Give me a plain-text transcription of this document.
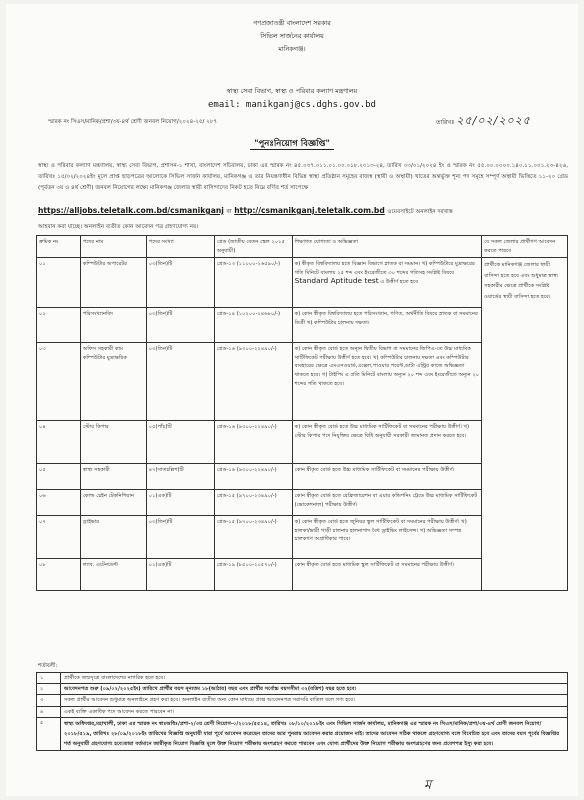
গণপ্রজাতন্ত্রী বাংলাদেশ সরকার
সিভিল সার্জনের কার্যালয়
মানিকগঞ্জ।
স্বাস্থ্য সেবা বিভাগ, স্বাস্থ্য ও পরিবার কল্যাণ মন্ত্রণালয়
email: manikganj@cs.dghs.gov.bd
স্মারক নং সিএস/মানিক/প্রশা/৩য়-৪র্থ শ্রেণী জনবল নিয়োগ/২০২৪-২৫/ ২৮৭	তারিখঃ ২৫/০২/২০২৫
"পুনঃনিয়োগ বিজ্ঞপ্তি"
স্বাস্থ্য ও পরিবার কল্যাণ মন্ত্রণালয়, স্বাস্থ্য সেবা বিভাগ, প্রশাসন-১ শাখা, বাংলাদেশ সচিবালয়, ঢাকা এর স্মারক নং ৪৫.০৩৭.০১১.০১.০০.০১৮.২০১৩-২৪, তারিখ ০৩/০১/২০২৪ ইং ও স্মারক নং ৫৫.০০.০০০০.১৪০.১১.০০১.২৩-৪২৬, তারিখঃ ১৫/০২/২০২৪ইং মূলে প্রাপ্ত ছাড়পত্রের আলোকে সিভিল সার্জন কার্যালয়, মানিকগঞ্জ ও তার নিয়ন্ত্রণাধীন বিভিন্ন স্বাস্থ্য প্রতিষ্ঠান সমূহের রাজস্ব (স্থায়ী ও অস্থায়ী) খাতের অন্তর্ভুক্ত শূন্য পদ সমূহে সম্পূর্ণ অস্থায়ী ভিত্তিতে ১১-২০ গ্রেড (পূর্বতন ৩য় ও ৪র্থ শ্রেণী) জনবল নিয়োগের লক্ষ্যে মানিকগঞ্জ জেলার স্থায়ী বাসিন্দাদের নিকট হতে নিম্নে বর্ণিত শর্ত সাপেক্ষে
https://alljobs.teletalk.com.bd/csmanikganj বা http://csmanikganj.teletalk.com.bd ওয়েবসাইটে অনলাইন দরখাস্ত
আহবান করা যাচ্ছে। অনলাইন ব্যতীত কোন আবেদন পত্র গ্রহণযোগ্য নয়।
ক্রমিক নং	পদের নাম	পদের সংখ্যা	গ্রেড (জাতীয় বেতন স্কেল ২০১৫ অনুযায়ী)	শিক্ষাগত যোগ্যতা ও অভিজ্ঞতা	যে সকল জেলার প্রার্থীগণ আবেদন করতে পারবে
০১	কম্পিউটার অপারেটর	০৩(তিন)টি	গ্রেড-১৩ (১১০০০-২৬৫৯০/-)	ক) স্বীকৃত বিশ্ববিদ্যালয় হতে বিজ্ঞান বিভাগে স্নাতক বা সমমান। খ) কম্পিউটারে মুদ্রাক্ষরের গতি মিনিটে বাংলায় ২৫ শব্দ এবং ইংরেজীতে ৩০ শব্দের গতিসহ সংশ্লিষ্ট বিষয়ে Standard Aptitude test এ উত্তীর্ণ হতে হবে	প্রার্থীকে মানিকগঞ্জ জেলার স্থায়ী বাসিন্দা হতে হবে এবং শুধুমাত্র স্বাস্থ্য সহকারীর ক্ষেত্রে প্রার্থীকে সংশ্লিষ্ট ওয়ার্ডের স্থায়ী বাসিন্দা হতে হবে।
০২	পরিসংখ্যানবিদ	০৩(তিন)টি	গ্রেড-১৪ (১০২০০-২৪৬৮০/-)	ক) কোন স্বীকৃত বিশ্ববিদ্যালয় হতে পরিসংখ্যান, গণিত, অর্থনীতি বিষয়ে স্নাতক বা সমমানের ডিগ্রী খ) কম্পিউটার চালনায় দক্ষতা।	
০৩	অফিস সহকারী কাম কম্পিউটার মুদ্রাক্ষরিক	০৩(তিন)টি	গ্রেড-১৬ (৯৩০০-২২৪৯০/-)	ক) কোন স্বীকৃত বোর্ড হতে অন্যূন দ্বিতীয় বিভাগ বা সমমানের জিপিএ-তে উচ্চ মাধ্যমিক সার্টিফিকেট পরীক্ষায় উত্তীর্ণ হতে হবে। খ) কম্পিউটার চালনায় দক্ষতা এবং কম্পিউটার ব্যবহারের ক্ষেত্রে এমএসওয়ার্ড,এক্সেল,পাওয়ার পয়েন্ট,ডাটা এন্ট্রির কাজে অভিজ্ঞতা থাকতে হবে। গ) টাইপিং এ প্রতি মিনিটে বাংলায় অন্যূন ২০ শব্দ এবং ইংরেজীতে অন্যূন ২০ শব্দের গতি থাকতে হবে।	
০৪	স্টোর কিপার	০৫(পাঁচ)টি	গ্রেড-১৬ (৯৩০০-২২৪৯০/-)	ক) কোন স্বীকৃত বোর্ড হতে উচ্চ মাধ্যমিক সার্টিফিকেট বা সমমানের পরীক্ষায় উত্তীর্ণ। খ) স্টোর কিপার পদে নিযুক্তির ক্ষেত্রে বিধি অনুযায়ী সরকারী জামানত প্রদান করতে হবে।	
০৫	স্বাস্থ্য সহকারী	৪৭(সাতচল্লিশ)টি	গ্রেড-১৬ (৯৩০০-২২৪৯০/-)	কোন স্বীকৃত বোর্ড হতে উচ্চ মাধ্যমিক সার্টিফিকেট বা সমমানের পরীক্ষায় উত্তীর্ণ।	
০৬	কোল্ড চেইন টেকনিশিয়ান	০১(এক)টি	গ্রেড-১৫ (৯৭০০-২৩৪৯০/-)	কোন স্বীকৃত বোর্ড হতে রেফ্রিজারেশন বা এয়ার কন্ডিশনিং ট্রেডে উচ্চ মাধ্যমিক সার্টিফিকেট (ভোকেশনাল) পরীক্ষায় উত্তীর্ণ।	
০৭	ড্রাইভার	০৩(তিন)টি	গ্রেড-১৫ (৯৭০০-২৩৪৯০/-)	ক) কোন স্বীকৃত বোর্ড হতে জুনিয়র স্কুল সার্টিফিকেট বা সমমানের পরীক্ষায় উত্তীর্ণ। খ) হালকা/ভারী গাড়ী চালনার হালনাগাদ বৈধ ড্রাইভিং লাইসেন্স। গ) অভিজ্ঞতা সম্পন্ন চালকগণ অগ্রাধিকার পাবে।	
০৮	ল্যাব. এটেনডেন্ট	০১(এক)টি	গ্রেড-১৯ (৮৫০০-২০৫৭০/-)	কোন স্বীকৃত বোর্ড হতে মাধ্যমিক স্কুল সার্টিফিকেট বা সমমানের পরীক্ষায় উত্তীর্ণ।	
শর্তাবলী:
১	প্রার্থীকে জন্মসূত্রে বাংলাদেশের নাগরিক হতে হবে।
২	আবেদনপত্র শুরু (০৯/০২/২০২৫ইং) তারিখে প্রার্থীর বয়স নূন্যতম ১৮(আঠার) বছর এবং প্রার্থীর সর্বোচ্চ বয়সসীমা ৩২(বত্রিশ) বছর হতে হবে।
৩	সকল প্রার্থীর আবেদন শুধুমাত্র অনলাইনে গ্রহণ করা হবে। অনলাইন ব্যতীত অন্য কোন মাধ্যমে প্রাপ্ত আবেদনপত্র সরাসরি বাতিল বলে গণ্য হবে।
৪	একই ব্যক্তি একাধিক পদে আবেদন করতে পারবেন না।
৫	স্বাস্থ্য অধিদপ্তর,মহাখালী, ঢাকা এর স্মারক নং স্বাঃঅধিঃ/প্রশা-২/৩য় শ্রেণী নিয়োগ-০/২০১৮/৫৫১৪, তারিখঃ ০৮/১০/২০১৮ইং এবং সিভিল সার্জন কার্যালয়, মানিকগঞ্জ এর স্মারক নং সিএস/মানিক/প্রশা/৩য়-৪র্থ শ্রেণী জনবল নিয়োগ/২০১৮/৫১৯, তারিখঃ ২৮/০৯/২০১৮ইং তারিখের বিজ্ঞপ্তি অনুযায়ী যারা পূর্বে আবেদন করেছেন তাদের আর পুনরায় আবেদন করার প্রয়োজন নাই। তাদের আবেদন সঠিক থাকলে গ্রহণযোগ্য বলে বিবেচিত হবে এবং তাদের বয়স পূর্বের বিজ্ঞপ্তির শর্ত অনুযায়ী গ্রহণযোগ্য হবে।তারা বর্তমানে জারীকৃত নিয়োগ বিজ্ঞপ্তি মূলে উক্ত নিয়োগ পরীক্ষায় অংশগ্রহণ করতে পারবেন এবং যোগ্য প্রার্থীদের উক্ত নিয়োগ পরীক্ষায় অংশগ্রহণের জন্য প্রবেশপত্র ইস্যু করা হবে।
ম
